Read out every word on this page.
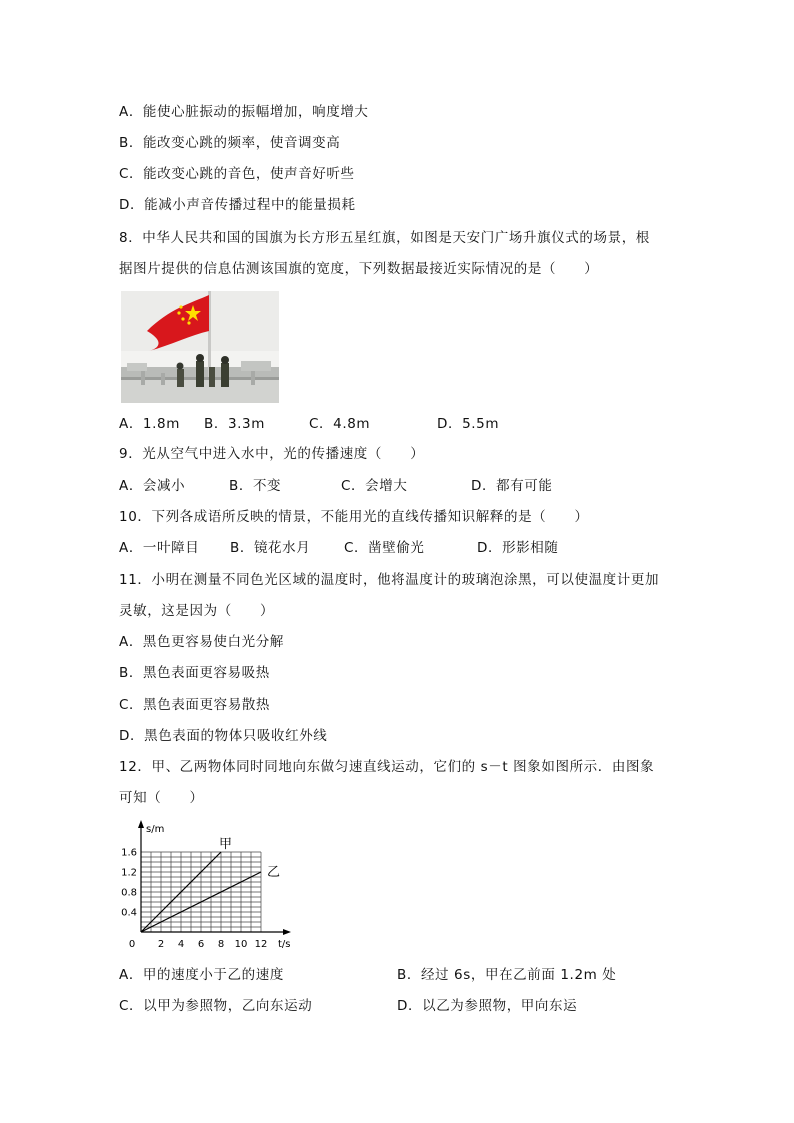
A．能使心脏振动的振幅增加，响度增大
B．能改变心跳的频率，使音调变高
C．能改变心跳的音色，使声音好听些
D．能减小声音传播过程中的能量损耗
8．中华人民共和国的国旗为长方形五星红旗，如图是天安门广场升旗仪式的场景，根
据图片提供的信息估测该国旗的宽度，下列数据最接近实际情况的是（　　）
A．1.8m B．3.3m	C．4.8m	D．5.5m
9．光从空气中进入水中，光的传播速度（　　）
A．会减小	B．不变	C．会增大	D．都有可能
10．下列各成语所反映的情景，不能用光的直线传播知识解释的是（　　）
A．一叶障目 B．镜花水月 C．凿壁偷光	D．形影相随
11．小明在测量不同色光区域的温度时，他将温度计的玻璃泡涂黑，可以使温度计更加
灵敏，这是因为（　　）
A．黑色更容易使白光分解
B．黑色表面更容易吸热
C．黑色表面更容易散热
D．黑色表面的物体只吸收红外线
12．甲、乙两物体同时同地向东做匀速直线运动，它们的 s－t 图象如图所示．由图象
可知（　　）
s/m
t/s
0 2 4 6 8 10 12
0.4
0.8
1.2
1.6
甲
乙
A．甲的速度小于乙的速度	B．经过 6s，甲在乙前面 1.2m 处
C．以甲为参照物，乙向东运动	D．以乙为参照物，甲向东运
